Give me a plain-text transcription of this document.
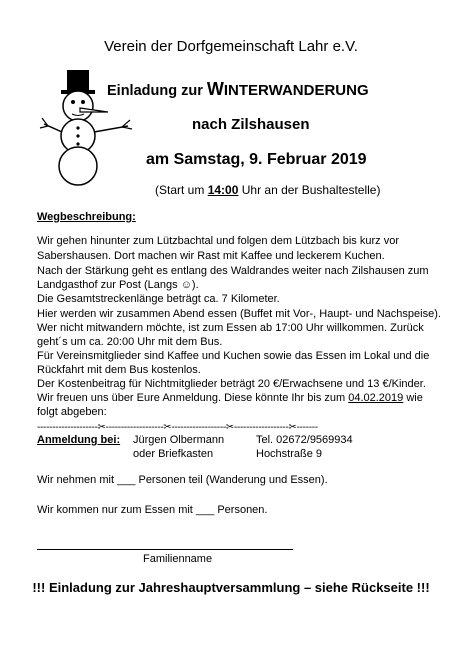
Verein der Dorfgemeinschaft Lahr e.V.
Einladung zur WINTERWANDERUNG
nach Zilshausen
am Samstag, 9. Februar 2019
(Start um 14:00 Uhr an der Bushaltestelle)
Wegbeschreibung:
Wir gehen hinunter zum Lützbachtal und folgen dem Lützbach bis kurz vor
Sabershausen. Dort machen wir Rast mit Kaffee und leckerem Kuchen.
Nach der Stärkung geht es entlang des Waldrandes weiter nach Zilshausen zum
Landgasthof zur Post (Langs ☺).
Die Gesamtstreckenlänge beträgt ca. 7 Kilometer.
Hier werden wir zusammen Abend essen (Buffet mit Vor-, Haupt- und Nachspeise).
Wer nicht mitwandern möchte, ist zum Essen ab 17:00 Uhr willkommen. Zurück
geht´s um ca. 20:00 Uhr mit dem Bus.
Für Vereinsmitglieder sind Kaffee und Kuchen sowie das Essen im Lokal und die
Rückfahrt mit dem Bus kostenlos.
Der Kostenbeitrag für Nichtmitglieder beträgt 20 €/Erwachsene und 13 €/Kinder.
Wir freuen uns über Eure Anmeldung. Diese könnte Ihr bis zum 04.02.2019 wie
folgt abgeben:
--------------------✂-------------------✂------------------✂------------------✂-------
Anmeldung bei: Jürgen Olbermann
oder Briefkasten
Tel. 02672/9569934
Hochstraße 9
Wir nehmen mit ___ Personen teil (Wanderung und Essen).
Wir kommen nur zum Essen mit ___ Personen.
Familienname
!!! Einladung zur Jahreshauptversammlung – siehe Rückseite !!!
